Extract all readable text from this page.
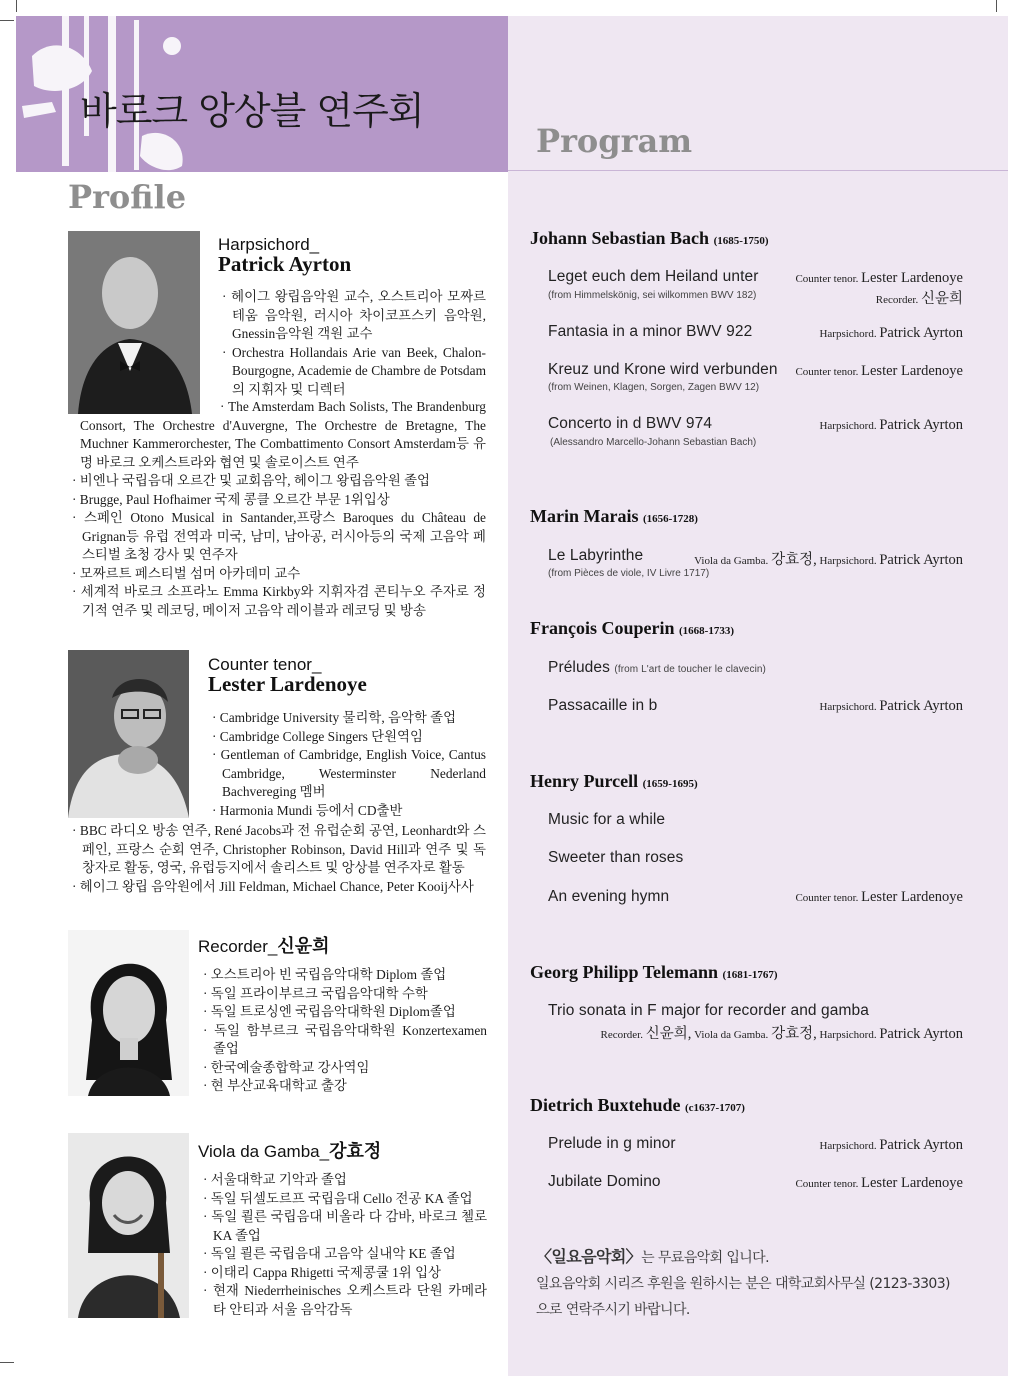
바로크 앙상블 연주회
Profile
Program
Harpsichord_
Patrick Ayrton

· 헤이그 왕립음악원 교수, 오스트리아 모짜르테움 음악원, 러시아 차이코프스키 음악원, Gnessin음악원 객원 교수

· Orchestra Hollandais Arie van Beek, Chalon-Bourgogne, Academie de Chambre de Potsdam의 지휘자 및 디렉터

· The Amsterdam Bach Solists, The Brandenburg Consort, The Orchestre d'Auvergne, The Orchestre de Bretagne, The Muchner Kammerorchester, The Combattimento Consort Amsterdam등 유명 바로크 오케스트라와 협연 및 솔로이스트 연주

· 비엔나 국립음대 오르간 및 교회음악, 헤이그 왕립음악원 졸업

· Brugge, Paul Hofhaimer 국제 콩클 오르간 부문 1위입상

· 스페인 Otono Musical in Santander,프랑스 Baroques du Château de Grignan등 유럽 전역과 미국, 남미, 남아공, 러시아등의 국제 고음악 페스티벌 초청 강사 및 연주자

· 모짜르트 페스티벌 섬머 아카데미 교수

· 세계적 바로크 소프라노 Emma Kirkby와 지휘자겸 콘티누오 주자로 정기적 연주 및 레코딩, 메이저 고음악 레이블과 레코딩 및 방송

Counter tenor_
Lester Lardenoye

· Cambridge University 물리학, 음악학 졸업

· Cambridge College Singers 단원역임

· Gentleman of Cambridge, English Voice, Cantus Cambridge, Westerminster Nederland Bachvereging 멤버

· Harmonia Mundi 등에서 CD출반

· BBC 라디오 방송 연주, René Jacobs과 전 유럽순회 공연, Leonhardt와 스페인, 프랑스 순회 연주, Christopher Robinson, David Hill과 연주 및 독창자로 활동, 영국, 유럽등지에서 솔리스트 및 앙상블 연주자로 활동

· 헤이그 왕립 음악원에서 Jill Feldman, Michael Chance, Peter Kooij사사

Recorder_신윤희

· 오스트리아 빈 국립음악대학 Diplom 졸업

· 독일 프라이부르크 국립음악대학 수학

· 독일 트로싱엔 국립음악대학원 Diplom졸업

· 독일 함부르크 국립음악대학원 Konzertexamen 졸업

· 한국예술종합학교 강사역임

· 현 부산교육대학교 출강

Viola da Gamba_강효정

· 서울대학교 기악과 졸업

· 독일 뒤셀도르프 국립음대 Cello 전공 KA 졸업

· 독일 쾰른 국립음대 비올라 다 감바, 바로크 첼로 KA 졸업

· 독일 쾰른 국립음대 고음악 실내악 KE 졸업

· 이태리 Cappa Rhigetti 국제콩쿨 1위 입상

· 현재 Niederrheinisches 오케스트라 단원 카메라타 안티과 서울 음악감독

Johann Sebastian Bach (1685-1750)
Leget euch dem Heiland unter
(from Himmelskönig, sei wilkommen BWV 182)
Counter tenor. Lester Lardenoye
Recorder. 신윤희
Fantasia in a minor BWV 922	Harpsichord. Patrick Ayrton
Kreuz und Krone wird verbunden
(from Weinen, Klagen, Sorgen, Zagen BWV 12)
Counter tenor. Lester Lardenoye
Concerto in d BWV 974
(Alessandro Marcello-Johann Sebastian Bach)
Harpsichord. Patrick Ayrton
Marin Marais (1656-1728)
Le Labyrinthe
(from Pièces de viole, IV Livre 1717)
Viola da Gamba. 강효정, Harpsichord. Patrick Ayrton
François Couperin (1668-1733)
Préludes (from L'art de toucher le clavecin)
Passacaille in b	Harpsichord. Patrick Ayrton
Henry Purcell (1659-1695)
Music for a while
Sweeter than roses
An evening hymn	Counter tenor. Lester Lardenoye
Georg Philipp Telemann (1681-1767)
Trio sonata in F major for recorder and gamba
Recorder. 신윤희, Viola da Gamba. 강효정, Harpsichord. Patrick Ayrton
Dietrich Buxtehude (c1637-1707)
Prelude in g minor	Harpsichord. Patrick Ayrton
Jubilate Domino	Counter tenor. Lester Lardenoye
〈일요음악회〉는 무료음악회 입니다.
일요음악회 시리즈 후원을 원하시는 분은 대학교회사무실 (2123-3303)
으로 연락주시기 바랍니다.
